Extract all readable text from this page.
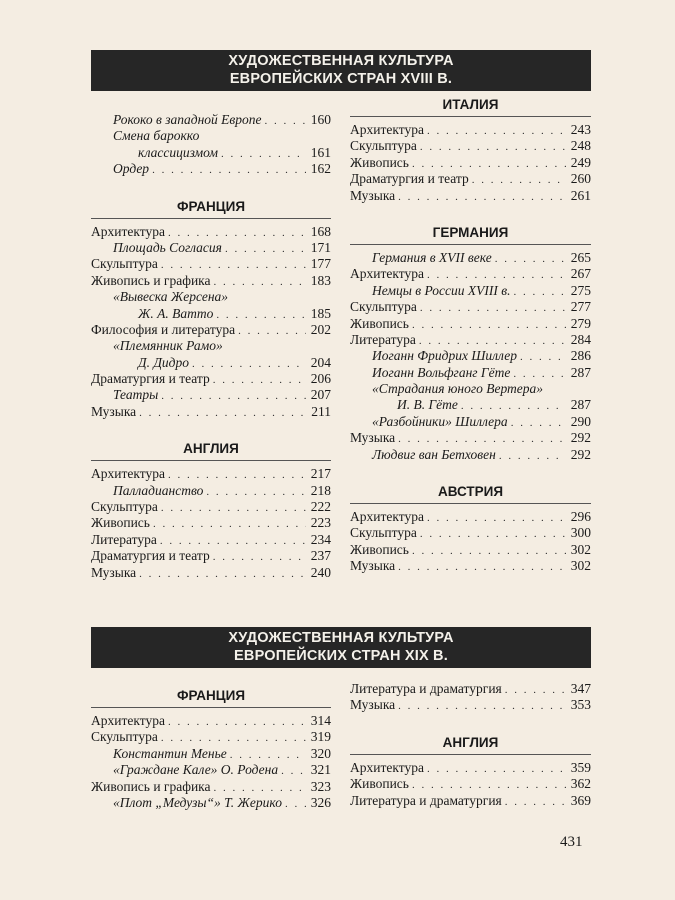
ХУДОЖЕСТВЕННАЯ КУЛЬТУРА
ЕВРОПЕЙСКИХ СТРАН XVIII В.
Рококо в западной Европе . . .	160
Смена барокко
классицизмом . . .	161
Ордер . . .	162
ФРАНЦИЯ
Архитектура . . .	168
Площадь Согласия . . .	171
Скульптура . . .	177
Живопись и графика . . .	183
«Вывеска Жерсена»
Ж. А. Ватто . . .	185
Философия и литература . . .	202
«Племянник Рамо»
Д. Дидро . . .	204
Драматургия и театр . . .	206
Театры . . .	207
Музыка . . .	211
АНГЛИЯ
Архитектура . . .	217
Палладианство . . .	218
Скульптура . . .	222
Живопись . . .	223
Литература . . .	234
Драматургия и театр . . .	237
Музыка . . .	240
ИТАЛИЯ
Архитектура . . .	243
Скульптура . . .	248
Живопись . . .	249
Драматургия и театр . . .	260
Музыка . . .	261
ГЕРМАНИЯ
Германия в XVII веке . . .	265
Архитектура . . .	267
Немцы в России XVIII в. . . .	275
Скульптура . . .	277
Живопись . . .	279
Литература . . .	284
Иоганн Фридрих Шиллер . . .	286
Иоганн Вольфганг Гёте . . .	287
«Страдания юного Вертера»
И. В. Гёте . . .	287
«Разбойники» Шиллера . . .	290
Музыка . . .	292
Людвиг ван Бетховен . . .	292
АВСТРИЯ
Архитектура . . .	296
Скульптура . . .	300
Живопись . . .	302
Музыка . . .	302
ХУДОЖЕСТВЕННАЯ КУЛЬТУРА
ЕВРОПЕЙСКИХ СТРАН XIX В.
ФРАНЦИЯ
Архитектура . . .	314
Скульптура . . .	319
Константин Менье . . .	320
«Граждане Кале» О. Родена . . . 321
Живопись и графика . . .	323
«Плот „Медузы“» Т. Жерико . . . 326
Литература и драматургия . . .	347
Музыка . . .	353
АНГЛИЯ
Архитектура . . .	359
Живопись . . .	362
Литература и драматургия . . .	369
431
